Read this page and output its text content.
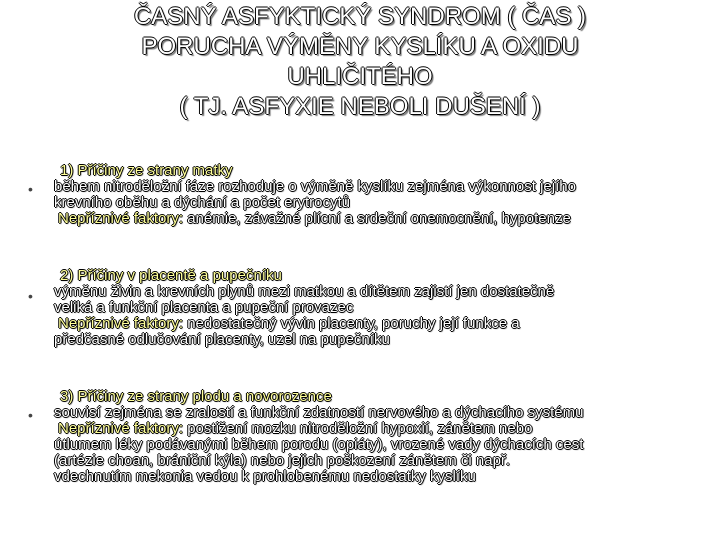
ČASNÝ ASFYKTICKÝ SYNDROM ( ČAS )
PORUCHA VÝMĚNY KYSLÍKU A OXIDU
UHLIČITÉHO
( TJ. ASFYXIE NEBOLI DUŠENÍ )
1) Příčiny ze strany matky
během nitroděložní fáze rozhoduje o výměně kyslíku zejména výkonnost jejího
krevního oběhu a dýchání a počet erytrocytů
Nepříznivé faktory: anémie, závažné plícní a srdeční onemocnění, hypotenze
•
2) Příčiny v placentě a pupečníku
výměnu živin a krevních plynů mezi matkou a dítětem zajistí jen dostatečně
veliká a funkční placenta a pupeční provazec
Nepříznivé faktory: nedostatečný vývin placenty, poruchy její funkce a
předčasné odlučování placenty, uzel na pupečníku
•
3) Příčiny ze strany plodu a novorozence
souvisí zejména se zralostí a funkční zdatností nervového a dýchacího systému
Nepříznivé faktory: postižení mozku nitroděložní hypoxií, zánětem nebo
útlumem léky podávanými během porodu (opiáty), vrozené vady dýchacích cest
(artézie choan, brániční kýla) nebo jejich poškození zánětem či např.
vdechnutím mekonia vedou k prohlobenému nedostatky kyslíku
•
